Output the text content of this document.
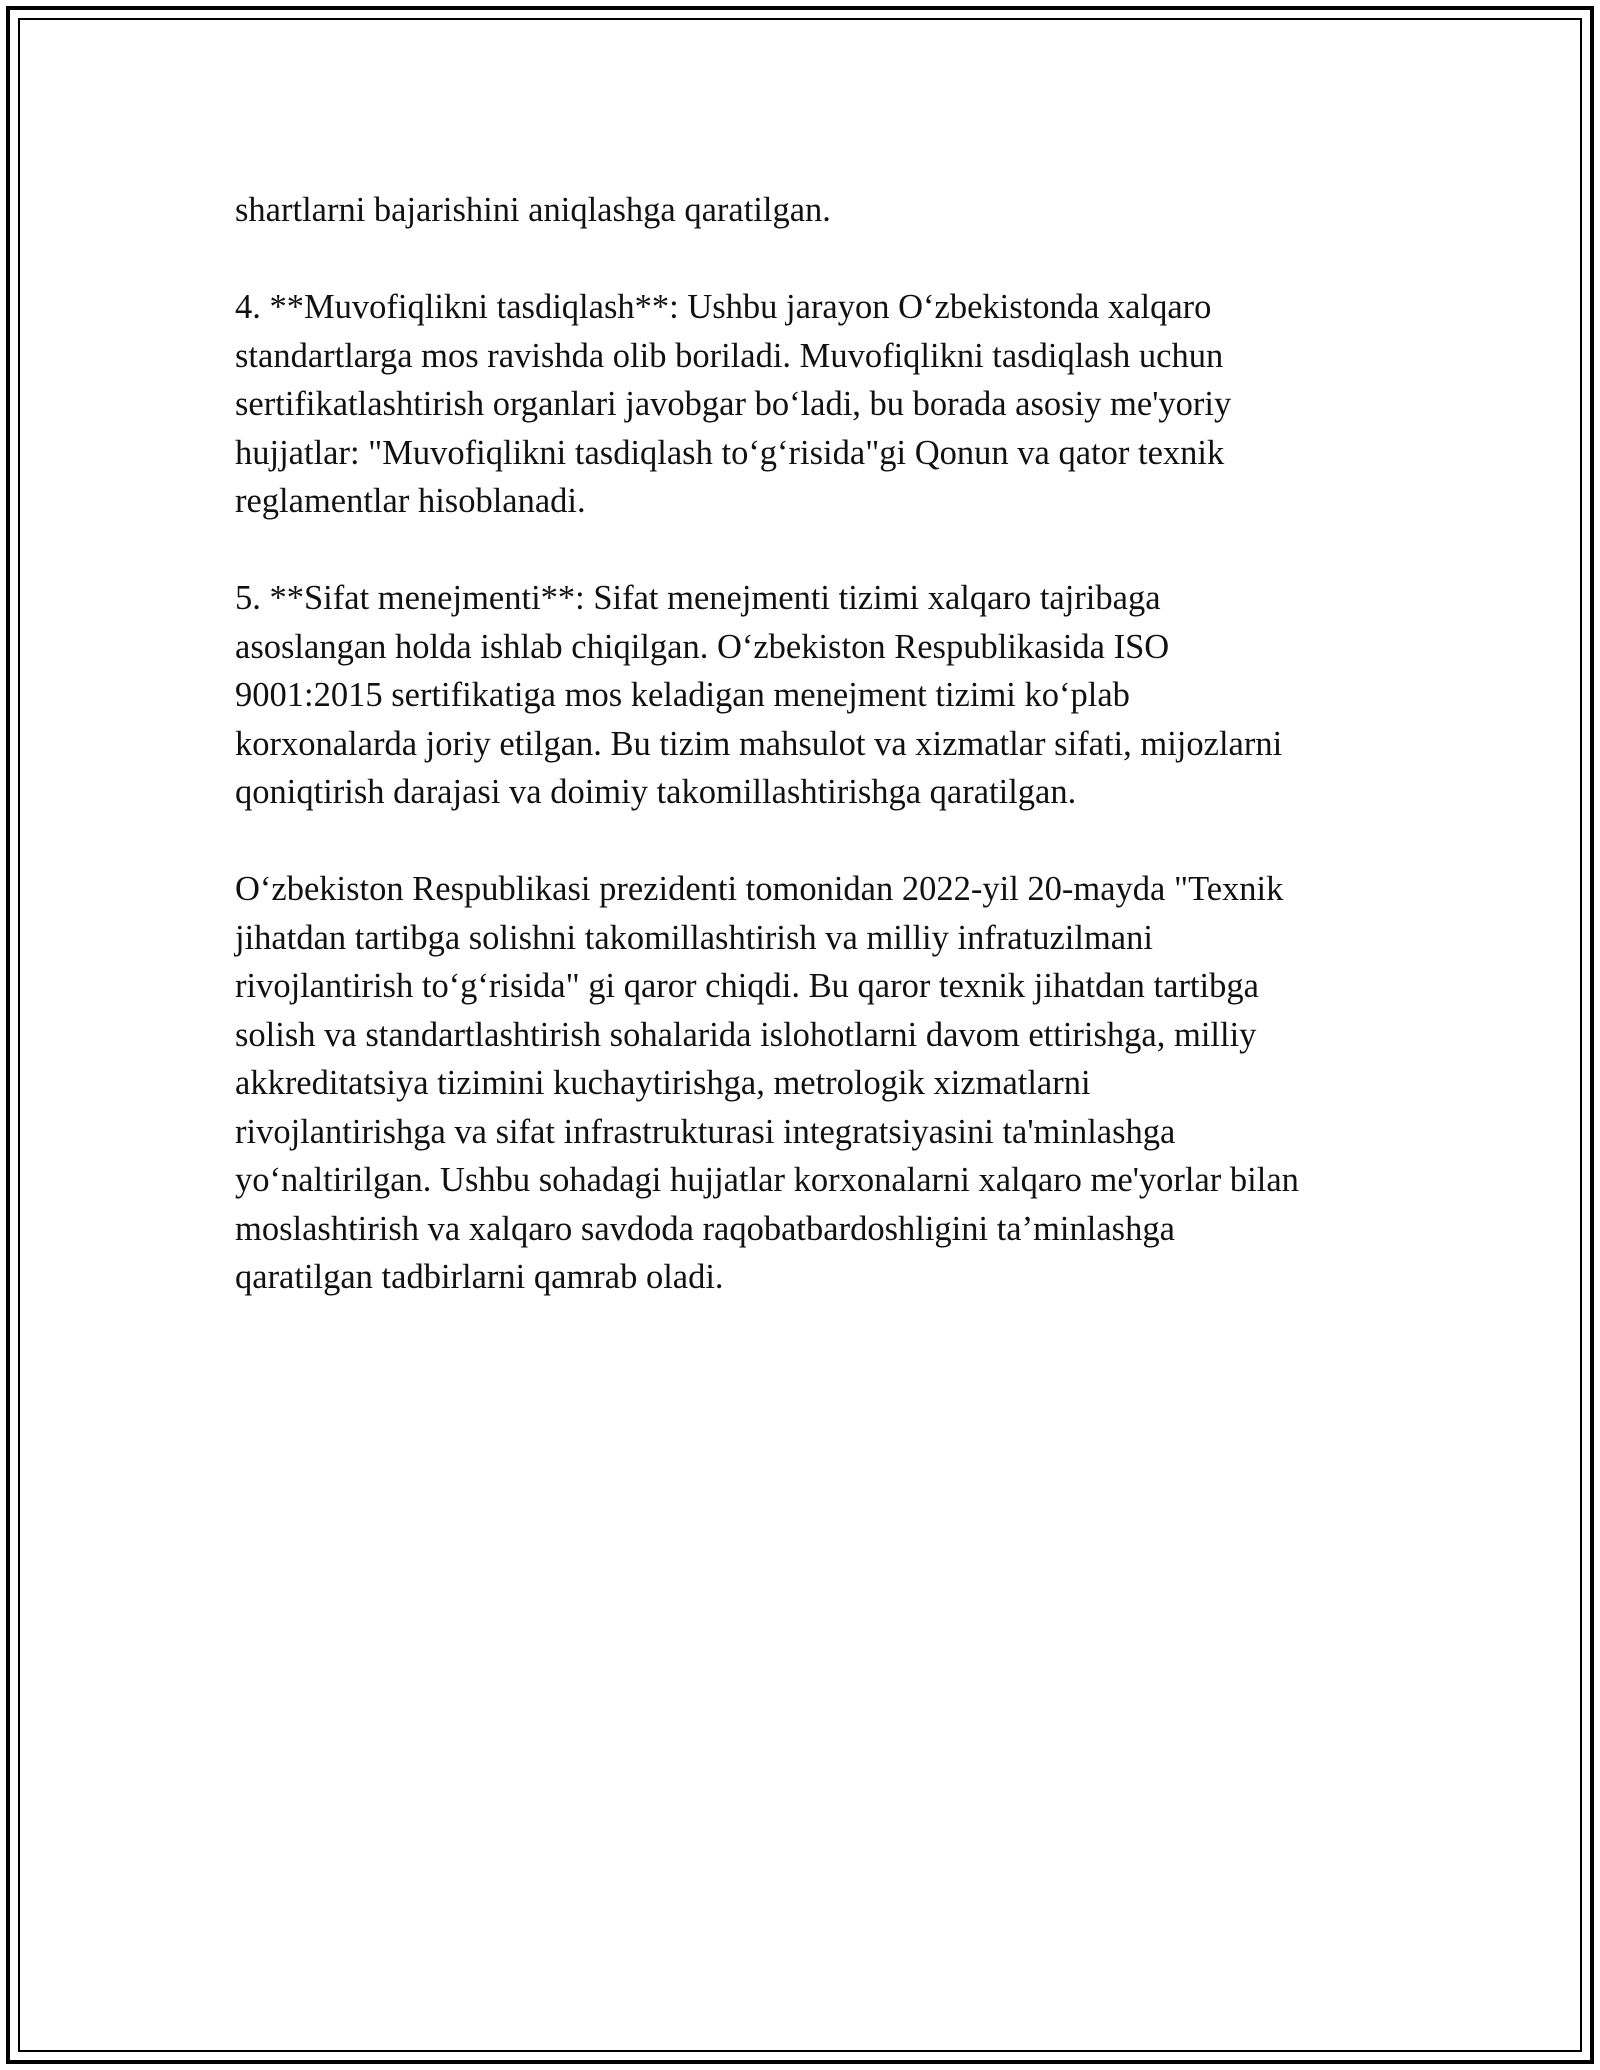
shartlarni bajarishini aniqlashga qaratilgan.

4. **Muvofiqlikni tasdiqlash**: Ushbu jarayon O‘zbekistonda xalqaro
standartlarga mos ravishda olib boriladi. Muvofiqlikni tasdiqlash uchun
sertifikatlashtirish organlari javobgar bo‘ladi, bu borada asosiy me'yoriy
hujjatlar: "Muvofiqlikni tasdiqlash to‘g‘risida"gi Qonun va qator texnik
reglamentlar hisoblanadi.

5. **Sifat menejmenti**: Sifat menejmenti tizimi xalqaro tajribaga
asoslangan holda ishlab chiqilgan. O‘zbekiston Respublikasida ISO
9001:2015 sertifikatiga mos keladigan menejment tizimi ko‘plab
korxonalarda joriy etilgan. Bu tizim mahsulot va xizmatlar sifati, mijozlarni
qoniqtirish darajasi va doimiy takomillashtirishga qaratilgan.

O‘zbekiston Respublikasi prezidenti tomonidan 2022-yil 20-mayda "Texnik
jihatdan tartibga solishni takomillashtirish va milliy infratuzilmani
rivojlantirish to‘g‘risida" gi qaror chiqdi. Bu qaror texnik jihatdan tartibga
solish va standartlashtirish sohalarida islohotlarni davom ettirishga, milliy
akkreditatsiya tizimini kuchaytirishga, metrologik xizmatlarni
rivojlantirishga va sifat infrastrukturasi integratsiyasini ta'minlashga
yo‘naltirilgan. Ushbu sohadagi hujjatlar korxonalarni xalqaro me'yorlar bilan
moslashtirish va xalqaro savdoda raqobatbardoshligini ta’minlashga
qaratilgan tadbirlarni qamrab oladi.
